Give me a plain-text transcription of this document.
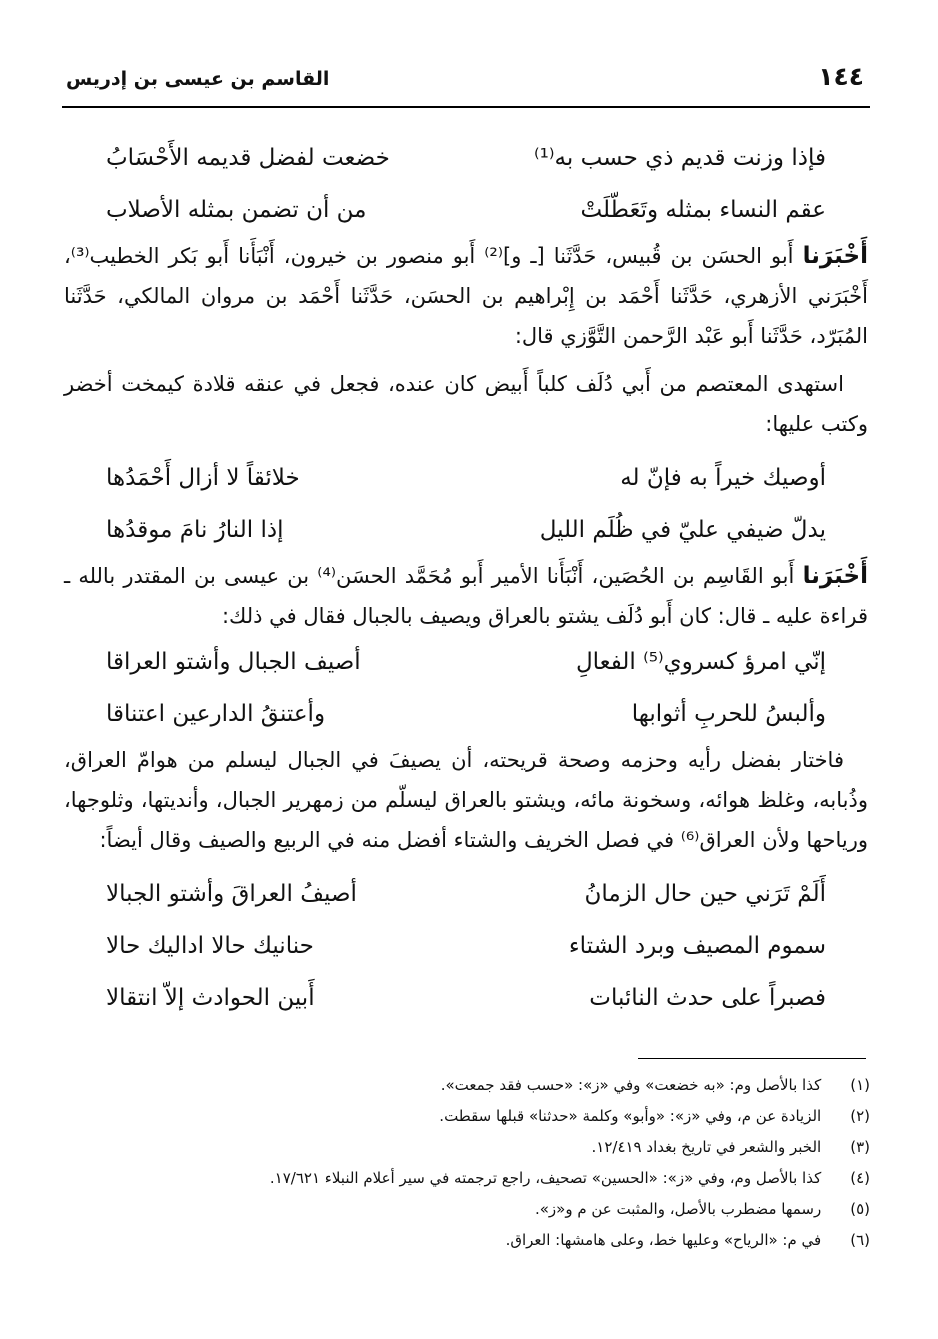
١٤٤
القاسم بن عيسى بن إدريس
فإذا وزنت قديم ذي حسب به⁽¹⁾
خضعت لفضل قديمه الأَحْسَابُ
عقم النساء بمثله وتَعَطّلَتْ
من أن تضمن بمثله الأصلاب

أَخْبَرَنا أَبو الحسَن بن قُبيس، حَدَّثَنا [ـ و]⁽²⁾ أَبو منصور بن خيرون، أَنْبَأَنا أَبو بَكر الخطيب⁽³⁾، أَخْبَرَني الأزهري، حَدَّثَنا أَحْمَد بن إِبْراهيم بن الحسَن، حَدَّثَنا أَحْمَد بن مروان المالكي، حَدَّثَنا المُبَرّد، حَدَّثَنا أَبو عَبْد الرَّحمن التَّوَّزي قال:

استهدى المعتصم من أَبي دُلَف كلباً أَبيض كان عنده، فجعل في عنقه قلادة كيمخت أخضر وكتب عليها:

أوصيك خيراً به فإنّ له
خلائقاً لا أزال أَحْمَدُها
يدلّ ضيفي عليّ في ظُلَم الليل
إذا النارُ نامَ موقدُها

أَخْبَرَنا أَبو القَاسِم بن الحُصَين، أَنْبَأَنا الأمير أَبو مُحَمَّد الحسَن⁽⁴⁾ بن عيسى بن المقتدر بالله ـ قراءة عليه ـ قال: كان أَبو دُلَف يشتو بالعراق ويصيف بالجبال فقال في ذلك:

إنّي امرؤ كسروي⁽⁵⁾ الفعالِ
أصيف الجبال وأشتو العراقا
وألبسُ للحربِ أثوابها
وأعتنقُ الدارعين اعتناقا

فاختار بفضل رأيه وحزمه وصحة قريحته، أن يصيفَ في الجبال ليسلم من هوامّ العراق، وذُبابه، وغلظ هوائه، وسخونة مائه، ويشتو بالعراق ليسلّم من زمهرير الجبال، وأنديتها، وثلوجها، ورياحها ولأن العراق⁽⁶⁾ في فصل الخريف والشتاء أفضل منه في الربيع والصيف وقال أيضاً:

أَلَمْ تَرَني حين حال الزمانُ
أصيفُ العراقَ وأشتو الجبالا
سموم المصيف وبرد الشتاء
حنانيك حالا اداليك حالا
فصبراً على حدث النائبات
أَبين الحوادث إلاّ انتقالا
(١) كذا بالأصل وم: «به خضعت» وفي «ز»: «حسب فقد جمعت».
(٢) الزيادة عن م، وفي «ز»: «وأبو» وكلمة «حدثنا» قبلها سقطت.
(٣) الخبر والشعر في تاريخ بغداد ١٢/٤١٩.
(٤) كذا بالأصل وم، وفي «ز»: «الحسين» تصحيف، راجع ترجمته في سير أعلام النبلاء ١٧/٦٢١.
(٥) رسمها مضطرب بالأصل، والمثبت عن م و«ز».
(٦) في م: «الرياح» وعليها خط، وعلى هامشها: العراق.
